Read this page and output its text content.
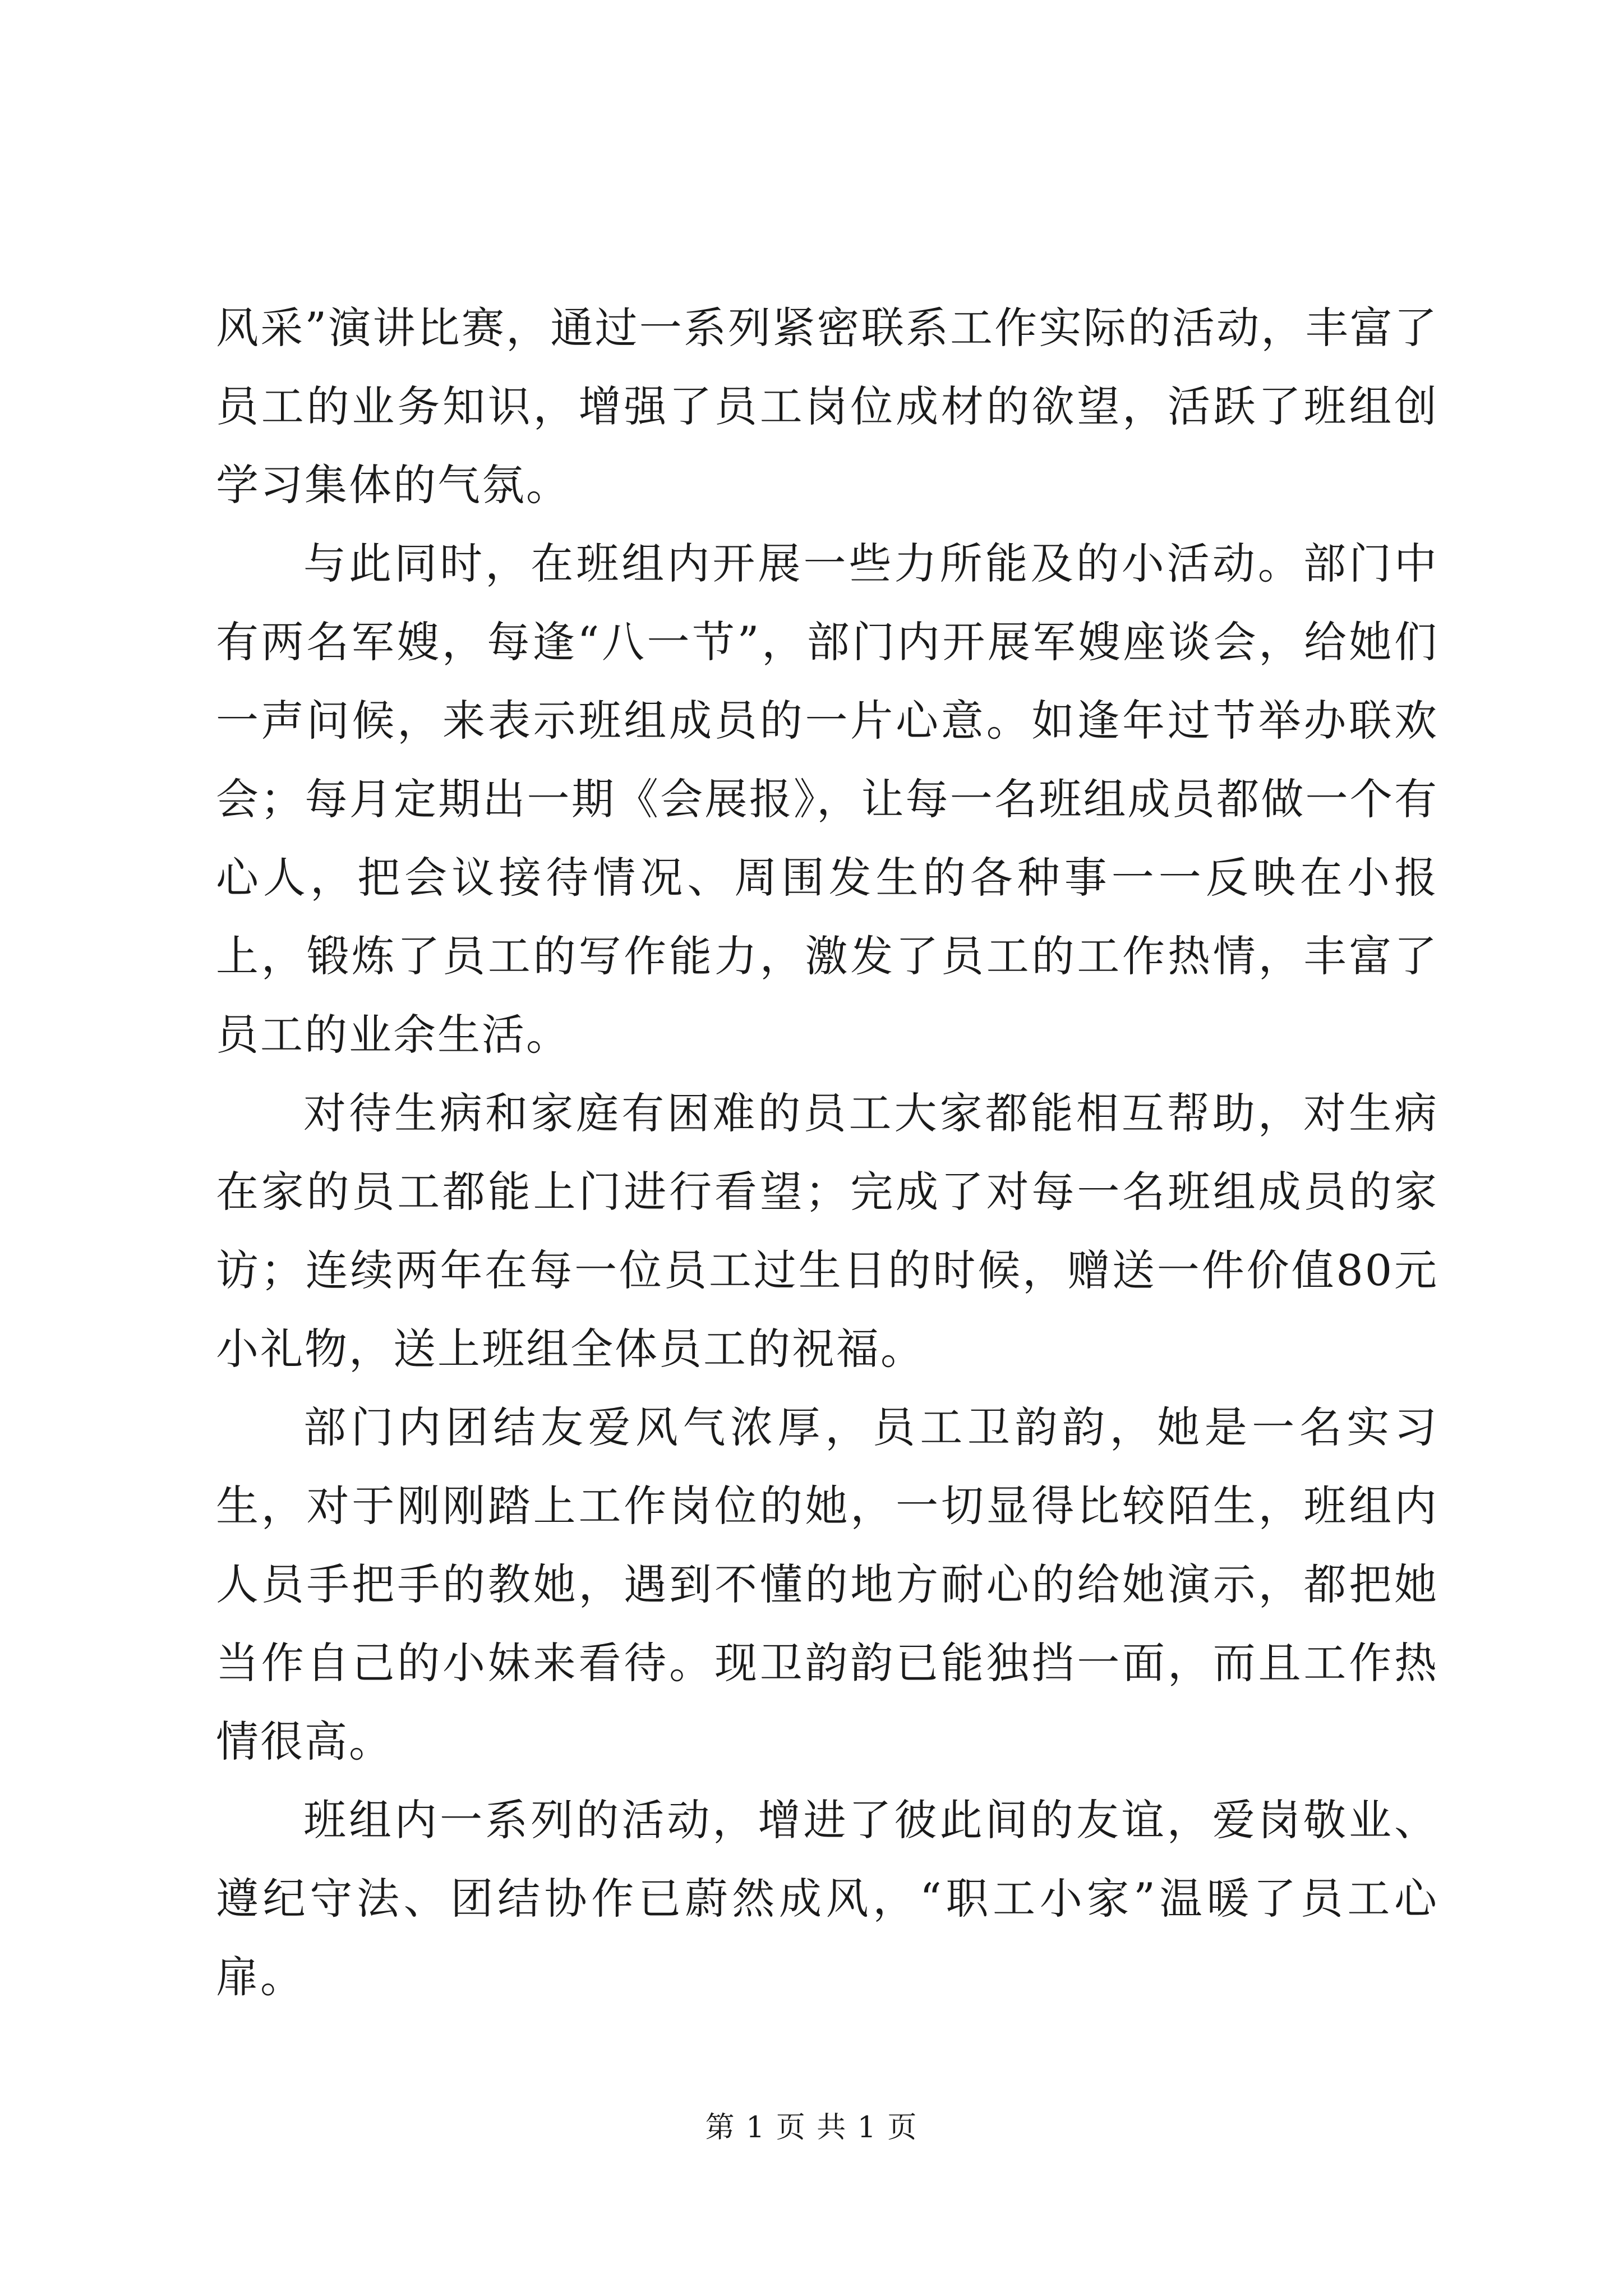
风采”演讲比赛，通过一系列紧密联系工作实际的活动，丰富了员工的业务知识，增强了员工岗位成材的欲望，活跃了班组创学习集体的气氛。

与此同时，在班组内开展一些力所能及的小活动。部门中有两名军嫂，每逢“八一节”，部门内开展军嫂座谈会，给她们一声问候，来表示班组成员的一片心意。如逢年过节举办联欢会；每月定期出一期《会展报》，让每一名班组成员都做一个有心人，把会议接待情况、周围发生的各种事一一反映在小报上，锻炼了员工的写作能力，激发了员工的工作热情，丰富了员工的业余生活。

对待生病和家庭有困难的员工大家都能相互帮助，对生病在家的员工都能上门进行看望；完成了对每一名班组成员的家访；连续两年在每一位员工过生日的时候，赠送一件价值80元小礼物，送上班组全体员工的祝福。

部门内团结友爱风气浓厚，员工卫韵韵，她是一名实习生，对于刚刚踏上工作岗位的她，一切显得比较陌生，班组内人员手把手的教她，遇到不懂的地方耐心的给她演示，都把她当作自己的小妹来看待。现卫韵韵已能独挡一面，而且工作热情很高。

班组内一系列的活动，增进了彼此间的友谊，爱岗敬业、遵纪守法、团结协作已蔚然成风，“职工小家”温暖了员工心扉。

第 1 页 共 1 页
